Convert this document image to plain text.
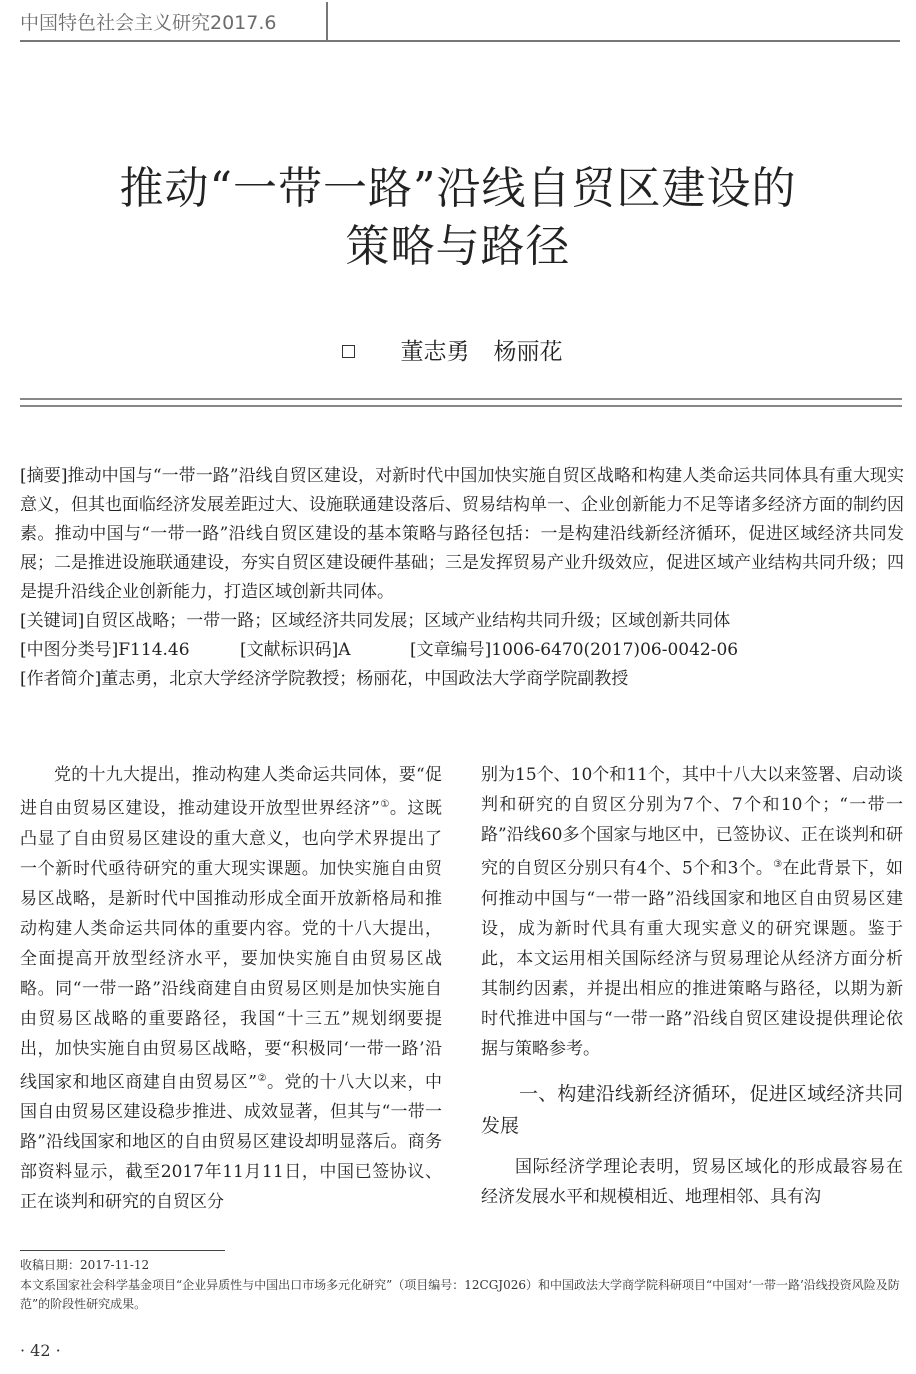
中国特色社会主义研究2017.6
推动“一带一路”沿线自贸区建设的
策略与路径
董志勇 杨丽花

[摘要]推动中国与“一带一路”沿线自贸区建设，对新时代中国加快实施自贸区战略和构建人类命运共同体具有重大现实意义，但其也面临经济发展差距过大、设施联通建设落后、贸易结构单一、企业创新能力不足等诸多经济方面的制约因素。推动中国与“一带一路”沿线自贸区建设的基本策略与路径包括：一是构建沿线新经济循环，促进区域经济共同发展；二是推进设施联通建设，夯实自贸区建设硬件基础；三是发挥贸易产业升级效应，促进区域产业结构共同升级；四是提升沿线企业创新能力，打造区域创新共同体。

[关键词]自贸区战略；一带一路；区域经济共同发展；区域产业结构共同升级；区域创新共同体

[中图分类号]F114.46	[文献标识码]A	[文章编号]1006-6470(2017)06-0042-06

[作者简介]董志勇，北京大学经济学院教授；杨丽花，中国政法大学商学院副教授

党的十九大提出，推动构建人类命运共同体，要“促进自由贸易区建设，推动建设开放型世界经济”①。这既凸显了自由贸易区建设的重大意义，也向学术界提出了一个新时代亟待研究的重大现实课题。加快实施自由贸易区战略，是新时代中国推动形成全面开放新格局和推动构建人类命运共同体的重要内容。党的十八大提出，全面提高开放型经济水平，要加快实施自由贸易区战略。同“一带一路”沿线商建自由贸易区则是加快实施自由贸易区战略的重要路径，我国“十三五”规划纲要提出，加快实施自由贸易区战略，要“积极同‘一带一路’沿线国家和地区商建自由贸易区”②。党的十八大以来，中国自由贸易区建设稳步推进、成效显著，但其与“一带一路”沿线国家和地区的自由贸易区建设却明显落后。商务部资料显示，截至2017年11月11日，中国已签协议、正在谈判和研究的自贸区分

别为15个、10个和11个，其中十八大以来签署、启动谈判和研究的自贸区分别为7个、7个和10个；“一带一路”沿线60多个国家与地区中，已签协议、正在谈判和研究的自贸区分别只有4个、5个和3个。③在此背景下，如何推动中国与“一带一路”沿线国家和地区自由贸易区建设，成为新时代具有重大现实意义的研究课题。鉴于此，本文运用相关国际经济与贸易理论从经济方面分析其制约因素，并提出相应的推进策略与路径，以期为新时代推进中国与“一带一路”沿线自贸区建设提供理论依据与策略参考。

一、构建沿线新经济循环，促进区域经济共同发展

国际经济学理论表明，贸易区域化的形成最容易在经济发展水平和规模相近、地理相邻、具有沟

收稿日期：2017-11-12
本文系国家社会科学基金项目“企业异质性与中国出口市场多元化研究”（项目编号：12CGJ026）和中国政法大学商学院科研项目“中国对‘一带一路’沿线投资风险及防范”的阶段性研究成果。
· 42 ·
